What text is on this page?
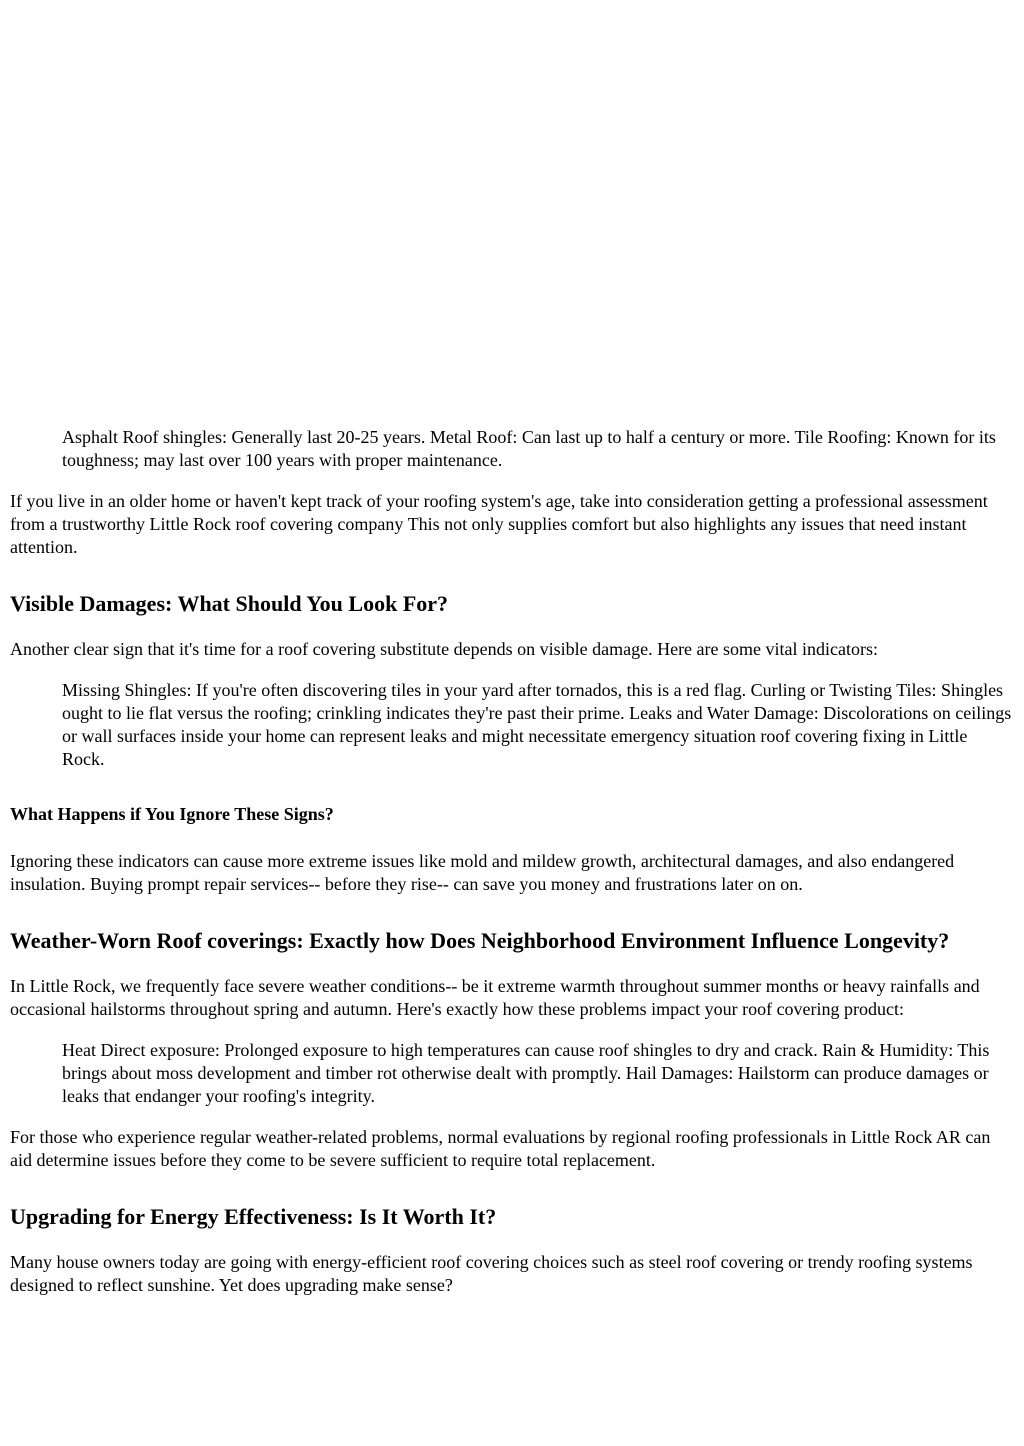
Asphalt Roof shingles: Generally last 20-25 years. Metal Roof: Can last up to half a century or more. Tile Roofing: Known for its toughness; may last over 100 years with proper maintenance.

If you live in an older home or haven't kept track of your roofing system's age, take into consideration getting a professional assessment from a trustworthy Little Rock roof covering company This not only supplies comfort but also highlights any issues that need instant attention.

Visible Damages: What Should You Look For?

Another clear sign that it's time for a roof covering substitute depends on visible damage. Here are some vital indicators:

Missing Shingles: If you're often discovering tiles in your yard after tornados, this is a red flag. Curling or Twisting Tiles: Shingles ought to lie flat versus the roofing; crinkling indicates they're past their prime. Leaks and Water Damage: Discolorations on ceilings or wall surfaces inside your home can represent leaks and might necessitate emergency situation roof covering fixing in Little Rock.
What Happens if You Ignore These Signs?

Ignoring these indicators can cause more extreme issues like mold and mildew growth, architectural damages, and also endangered insulation. Buying prompt repair services-- before they rise-- can save you money and frustrations later on on.

Weather-Worn Roof coverings: Exactly how Does Neighborhood Environment Influence Longevity?

In Little Rock, we frequently face severe weather conditions-- be it extreme warmth throughout summer months or heavy rainfalls and occasional hailstorms throughout spring and autumn. Here's exactly how these problems impact your roof covering product:

Heat Direct exposure: Prolonged exposure to high temperatures can cause roof shingles to dry and crack. Rain & Humidity: This brings about moss development and timber rot otherwise dealt with promptly. Hail Damages: Hailstorm can produce damages or leaks that endanger your roofing's integrity.

For those who experience regular weather-related problems, normal evaluations by regional roofing professionals in Little Rock AR can aid determine issues before they come to be severe sufficient to require total replacement.

Upgrading for Energy Effectiveness: Is It Worth It?

Many house owners today are going with energy-efficient roof covering choices such as steel roof covering or trendy roofing systems designed to reflect sunshine. Yet does upgrading make sense?
